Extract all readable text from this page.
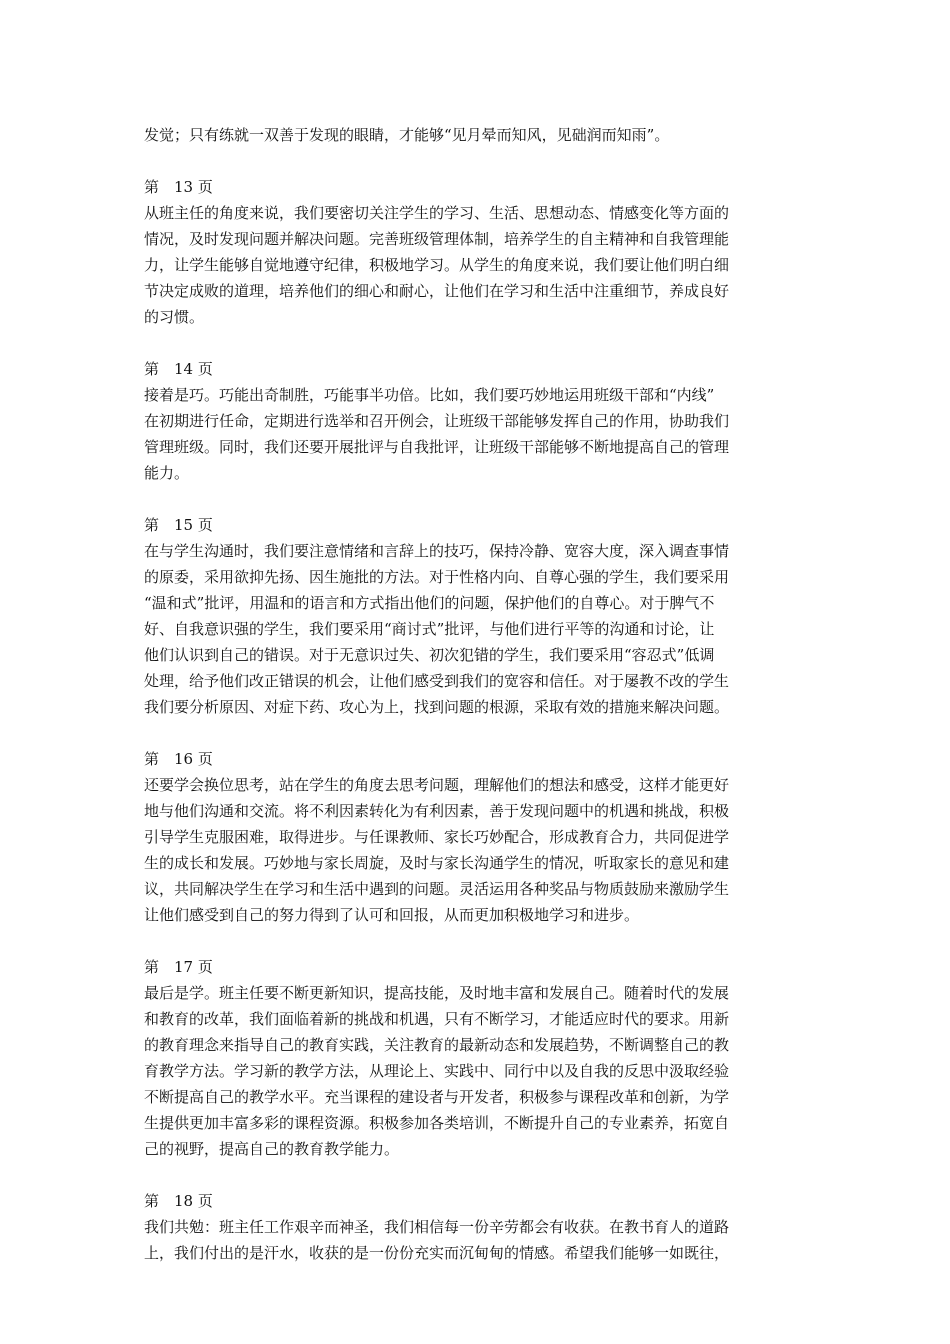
发觉；只有练就一双善于发现的眼睛，才能够“见月晕而知风，见础润而知雨”。
第　13 页
从班主任的角度来说，我们要密切关注学生的学习、生活、思想动态、情感变化等方面的
情况，及时发现问题并解决问题。完善班级管理体制，培养学生的自主精神和自我管理能
力，让学生能够自觉地遵守纪律，积极地学习。从学生的角度来说，我们要让他们明白细
节决定成败的道理，培养他们的细心和耐心，让他们在学习和生活中注重细节，养成良好
的习惯。
第　14 页
接着是巧。巧能出奇制胜，巧能事半功倍。比如，我们要巧妙地运用班级干部和“内线”
在初期进行任命，定期进行选举和召开例会，让班级干部能够发挥自己的作用，协助我们
管理班级。同时，我们还要开展批评与自我批评，让班级干部能够不断地提高自己的管理
能力。
第　15 页
在与学生沟通时，我们要注意情绪和言辞上的技巧，保持冷静、宽容大度，深入调查事情
的原委，采用欲抑先扬、因生施批的方法。对于性格内向、自尊心强的学生，我们要采用
“温和式”批评，用温和的语言和方式指出他们的问题，保护他们的自尊心。对于脾气不
好、自我意识强的学生，我们要采用“商讨式”批评，与他们进行平等的沟通和讨论，让
他们认识到自己的错误。对于无意识过失、初次犯错的学生，我们要采用“容忍式”低调
处理，给予他们改正错误的机会，让他们感受到我们的宽容和信任。对于屡教不改的学生
我们要分析原因、对症下药、攻心为上，找到问题的根源，采取有效的措施来解决问题。
第　16 页
还要学会换位思考，站在学生的角度去思考问题，理解他们的想法和感受，这样才能更好
地与他们沟通和交流。将不利因素转化为有利因素，善于发现问题中的机遇和挑战，积极
引导学生克服困难，取得进步。与任课教师、家长巧妙配合，形成教育合力，共同促进学
生的成长和发展。巧妙地与家长周旋，及时与家长沟通学生的情况，听取家长的意见和建
议，共同解决学生在学习和生活中遇到的问题。灵活运用各种奖品与物质鼓励来激励学生
让他们感受到自己的努力得到了认可和回报，从而更加积极地学习和进步。
第　17 页
最后是学。班主任要不断更新知识，提高技能，及时地丰富和发展自己。随着时代的发展
和教育的改革，我们面临着新的挑战和机遇，只有不断学习，才能适应时代的要求。用新
的教育理念来指导自己的教育实践，关注教育的最新动态和发展趋势，不断调整自己的教
育教学方法。学习新的教学方法，从理论上、实践中、同行中以及自我的反思中汲取经验
不断提高自己的教学水平。充当课程的建设者与开发者，积极参与课程改革和创新，为学
生提供更加丰富多彩的课程资源。积极参加各类培训，不断提升自己的专业素养，拓宽自
己的视野，提高自己的教育教学能力。
第　18 页
我们共勉：班主任工作艰辛而神圣，我们相信每一份辛劳都会有收获。在教书育人的道路
上，我们付出的是汗水，收获的是一份份充实而沉甸甸的情感。希望我们能够一如既往，
